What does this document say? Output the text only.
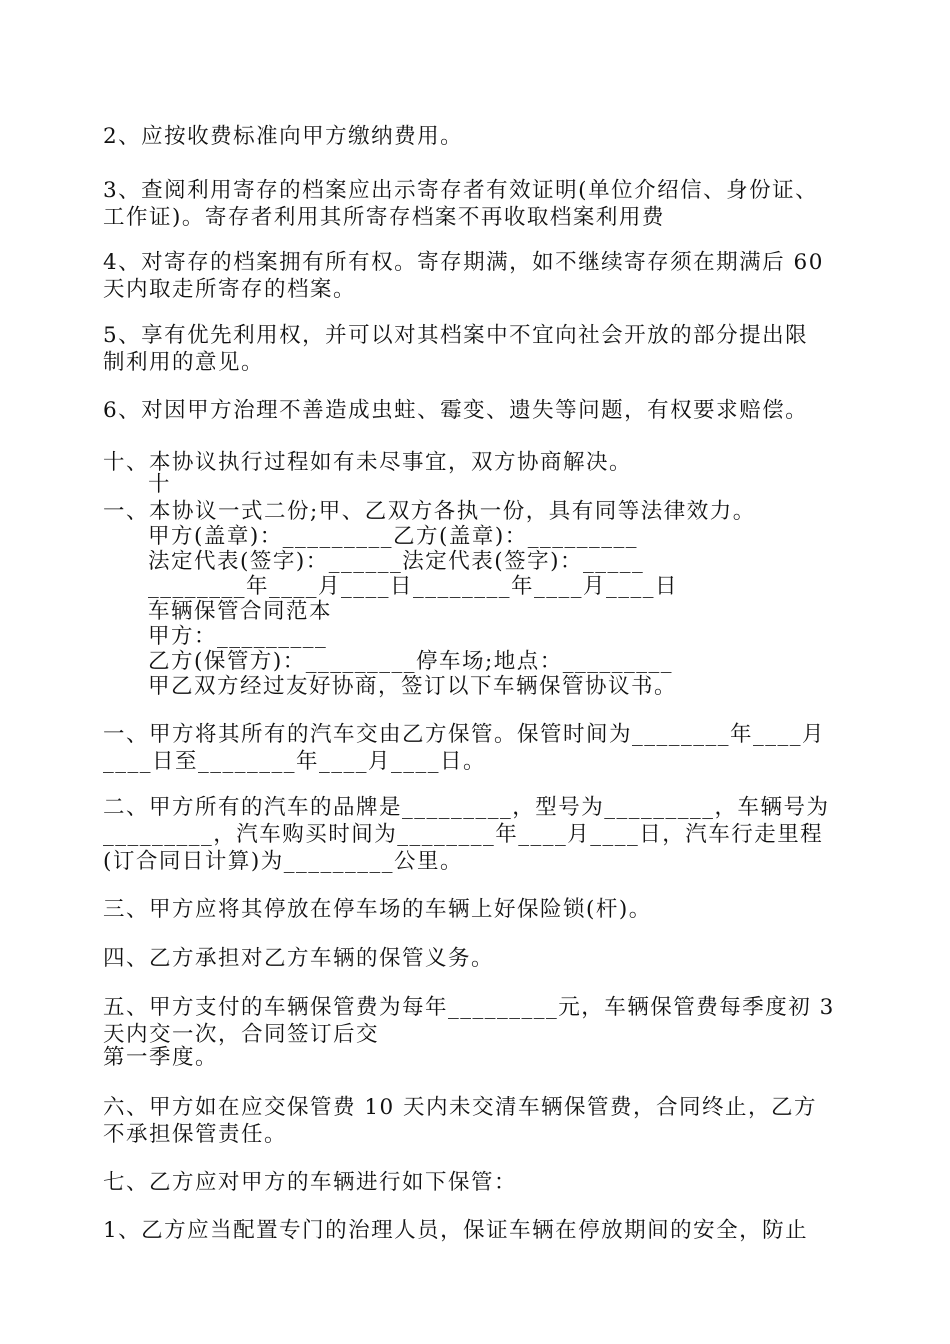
2、应按收费标准向甲方缴纳费用。
3、查阅利用寄存的档案应出示寄存者有效证明(单位介绍信、身份证、
工作证)。寄存者利用其所寄存档案不再收取档案利用费
4、对寄存的档案拥有所有权。寄存期满，如不继续寄存须在期满后 60
天内取走所寄存的档案。
5、享有优先利用权，并可以对其档案中不宜向社会开放的部分提出限
制利用的意见。
6、对因甲方治理不善造成虫蛀、霉变、遗失等问题，有权要求赔偿。
十、本协议执行过程如有未尽事宜，双方协商解决。
十
一、本协议一式二份;甲、乙双方各执一份，具有同等法律效力。
甲方(盖章)：_________乙方(盖章)：_________
法定代表(签字)：______法定代表(签字)：_____
________年____月____日________年____月____日
车辆保管合同范本
甲方：_________
乙方(保管方)：_________停车场;地点：_________
甲乙双方经过友好协商，签订以下车辆保管协议书。
一、甲方将其所有的汽车交由乙方保管。保管时间为________年____月
____日至________年____月____日。
二、甲方所有的汽车的品牌是_________，型号为_________，车辆号为
_________，汽车购买时间为________年____月____日，汽车行走里程
(订合同日计算)为_________公里。
三、甲方应将其停放在停车场的车辆上好保险锁(杆)。
四、乙方承担对乙方车辆的保管义务。
五、甲方支付的车辆保管费为每年_________元，车辆保管费每季度初 3
天内交一次，合同签订后交
第一季度。
六、甲方如在应交保管费 10 天内未交清车辆保管费，合同终止，乙方
不承担保管责任。
七、乙方应对甲方的车辆进行如下保管：
1、乙方应当配置专门的治理人员，保证车辆在停放期间的安全，防止
